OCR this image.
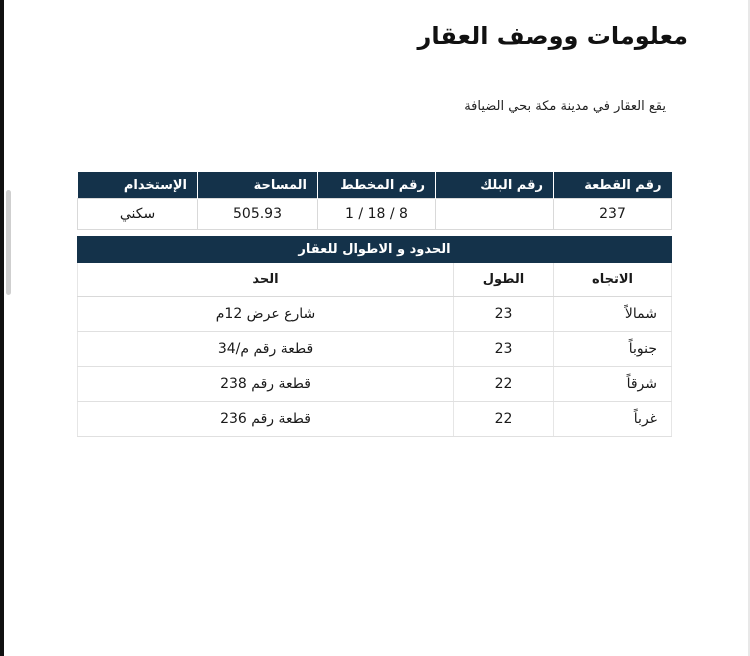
معلومات ووصف العقار
يقع العقار في مدينة مكة بحي الضيافة
رقم القطعة	رقم البلك	رقم المخطط	المساحة	الإستخدام
237		8 / 18 / 1	505.93	سكني
الحدود و الاطوال للعقار		
الاتجاه	الطول	الحد
شمالاً	23	شارع عرض 12م
جنوباً	23	قطعة رقم م/34
شرقاً	22	قطعة رقم 238
غرباً	22	قطعة رقم 236
